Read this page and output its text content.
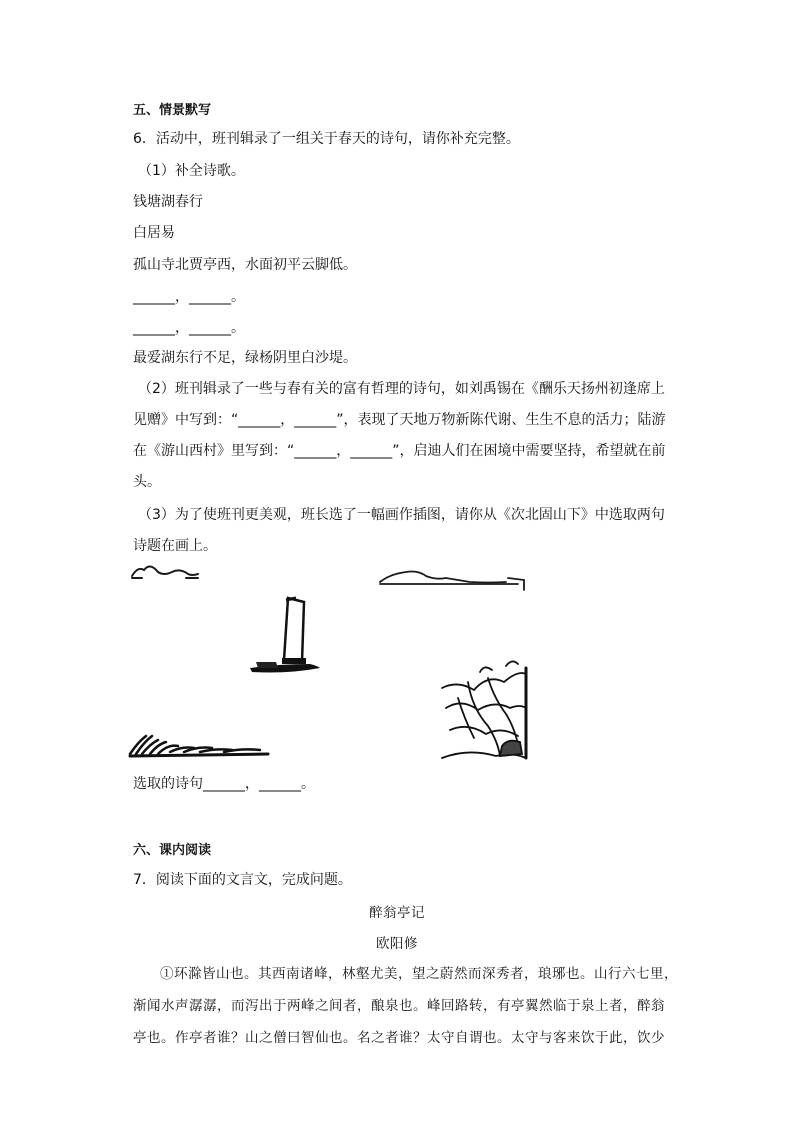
五、情景默写
6．活动中，班刊辑录了一组关于春天的诗句，请你补充完整。
（1）补全诗歌。
钱塘湖春行
白居易
孤山寺北贾亭西，水面初平云脚低。
______，______。
______，______。
最爱湖东行不足，绿杨阴里白沙堤。
（2）班刊辑录了一些与春有关的富有哲理的诗句，如刘禹锡在《酬乐天扬州初逢席上
见赠》中写到：“______，______”，表现了天地万物新陈代谢、生生不息的活力；陆游
在《游山西村》里写到：“______，______”，启迪人们在困境中需要坚持，希望就在前
头。
（3）为了使班刊更美观，班长选了一幅画作插图，请你从《次北固山下》中选取两句
诗题在画上。
选取的诗句______，______。
六、课内阅读
7．阅读下面的文言文，完成问题。
醉翁亭记
欧阳修
①环滁皆山也。其西南诸峰，林壑尤美，望之蔚然而深秀者，琅琊也。山行六七里，
渐闻水声潺潺，而泻出于两峰之间者，酿泉也。峰回路转，有亭翼然临于泉上者，醉翁
亭也。作亭者谁？山之僧曰智仙也。名之者谁？太守自谓也。太守与客来饮于此，饮少
